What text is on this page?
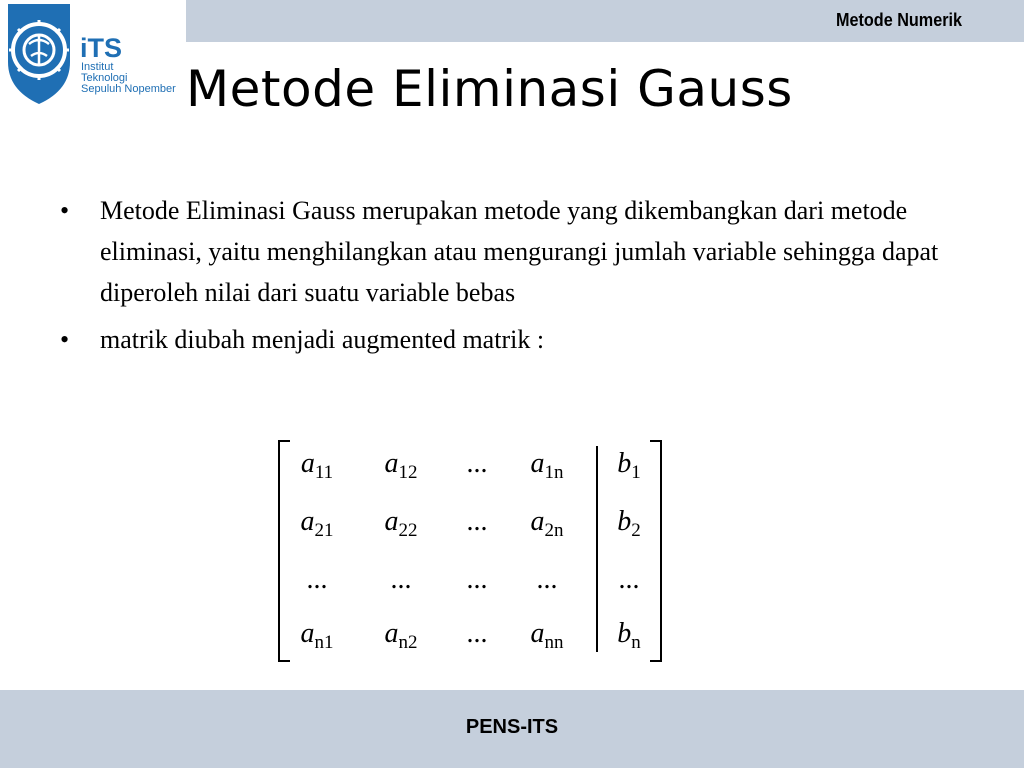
Metode Numerik
iTS
Institut
Teknologi
Sepuluh Nopember Metode Eliminasi Gauss
• Metode Eliminasi Gauss merupakan metode yang dikembangkan dari metode eliminasi, yaitu menghilangkan atau mengurangi jumlah variable sehingga dapat diperoleh nilai dari suatu variable bebas
• matrik diubah menjadi augmented matrik :
$a_{11}$	$a_{12}$	...	$a_{1n}$	$b_1$
$a_{21}$	$a_{22}$	...	$a_{2n}$	$b_2$
...	...	...	...	...
$a_{n1}$	$a_{n2}$	...	$a_{nn}$	$b_n$
PENS-ITS
